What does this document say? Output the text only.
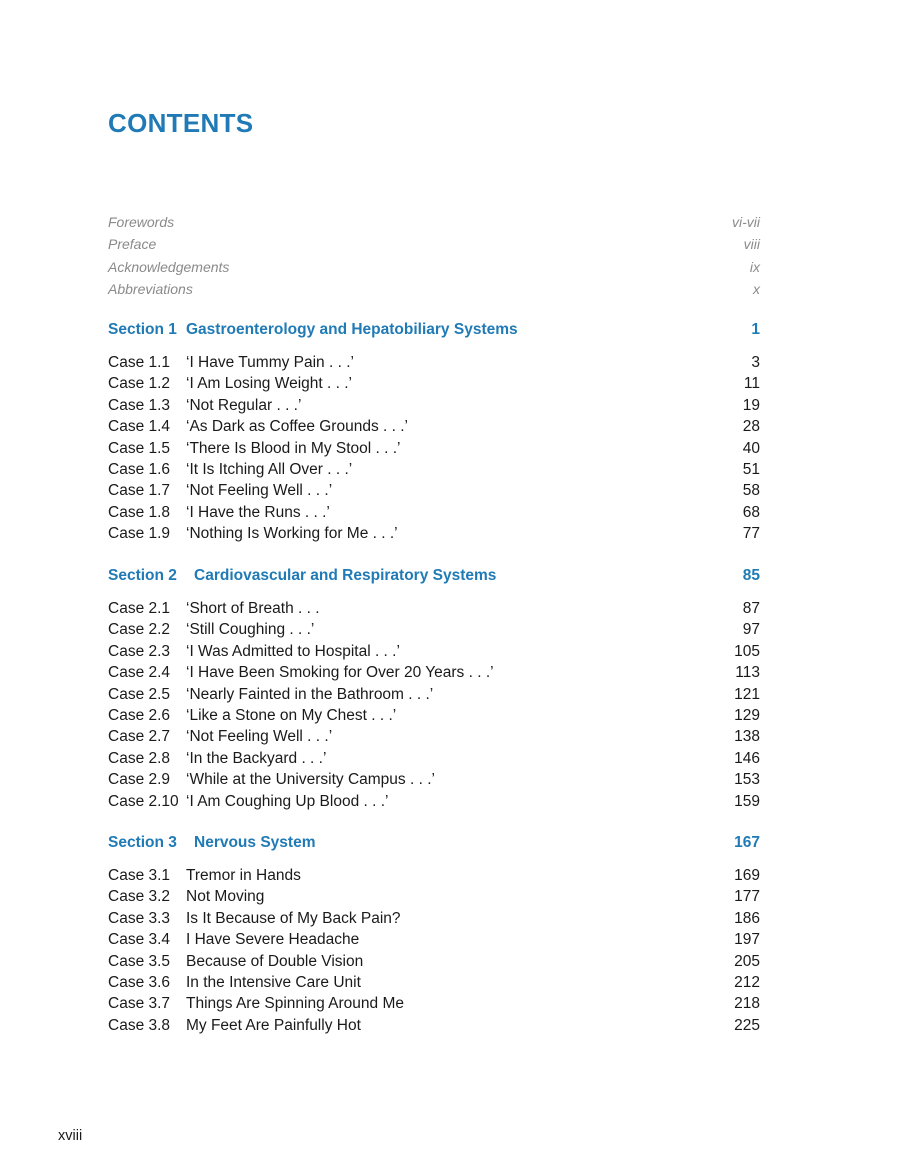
CONTENTS
Forewords	vi-vii
Preface	viii
Acknowledgements	ix
Abbreviations	x
Section 1 Gastroenterology and Hepatobiliary Systems	1
Case 1.1	‘I Have Tummy Pain . . .’	3
Case 1.2	‘I Am Losing Weight . . .’	11
Case 1.3	‘Not Regular . . .’	19
Case 1.4	‘As Dark as Coffee Grounds . . .’	28
Case 1.5	‘There Is Blood in My Stool . . .’	40
Case 1.6	‘It Is Itching All Over . . .’	51
Case 1.7	‘Not Feeling Well . . .’	58
Case 1.8	‘I Have the Runs . . .’	68
Case 1.9	‘Nothing Is Working for Me . . .’	77
Section 2 Cardiovascular and Respiratory Systems	85
Case 2.1	‘Short of Breath . . .	87
Case 2.2	‘Still Coughing . . .’	97
Case 2.3	‘I Was Admitted to Hospital . . .’	105
Case 2.4	‘I Have Been Smoking for Over 20 Years . . .’	113
Case 2.5	‘Nearly Fainted in the Bathroom . . .’	121
Case 2.6	‘Like a Stone on My Chest . . .’	129
Case 2.7	‘Not Feeling Well . . .’	138
Case 2.8	‘In the Backyard . . .’	146
Case 2.9	‘While at the University Campus . . .’	153
Case 2.10 ‘I Am Coughing Up Blood . . .’	159
Section 3 Nervous System	167
Case 3.1	Tremor in Hands	169
Case 3.2	Not Moving	177
Case 3.3	Is It Because of My Back Pain?	186
Case 3.4	I Have Severe Headache	197
Case 3.5	Because of Double Vision	205
Case 3.6	In the Intensive Care Unit	212
Case 3.7	Things Are Spinning Around Me	218
Case 3.8	My Feet Are Painfully Hot	225
xviii
